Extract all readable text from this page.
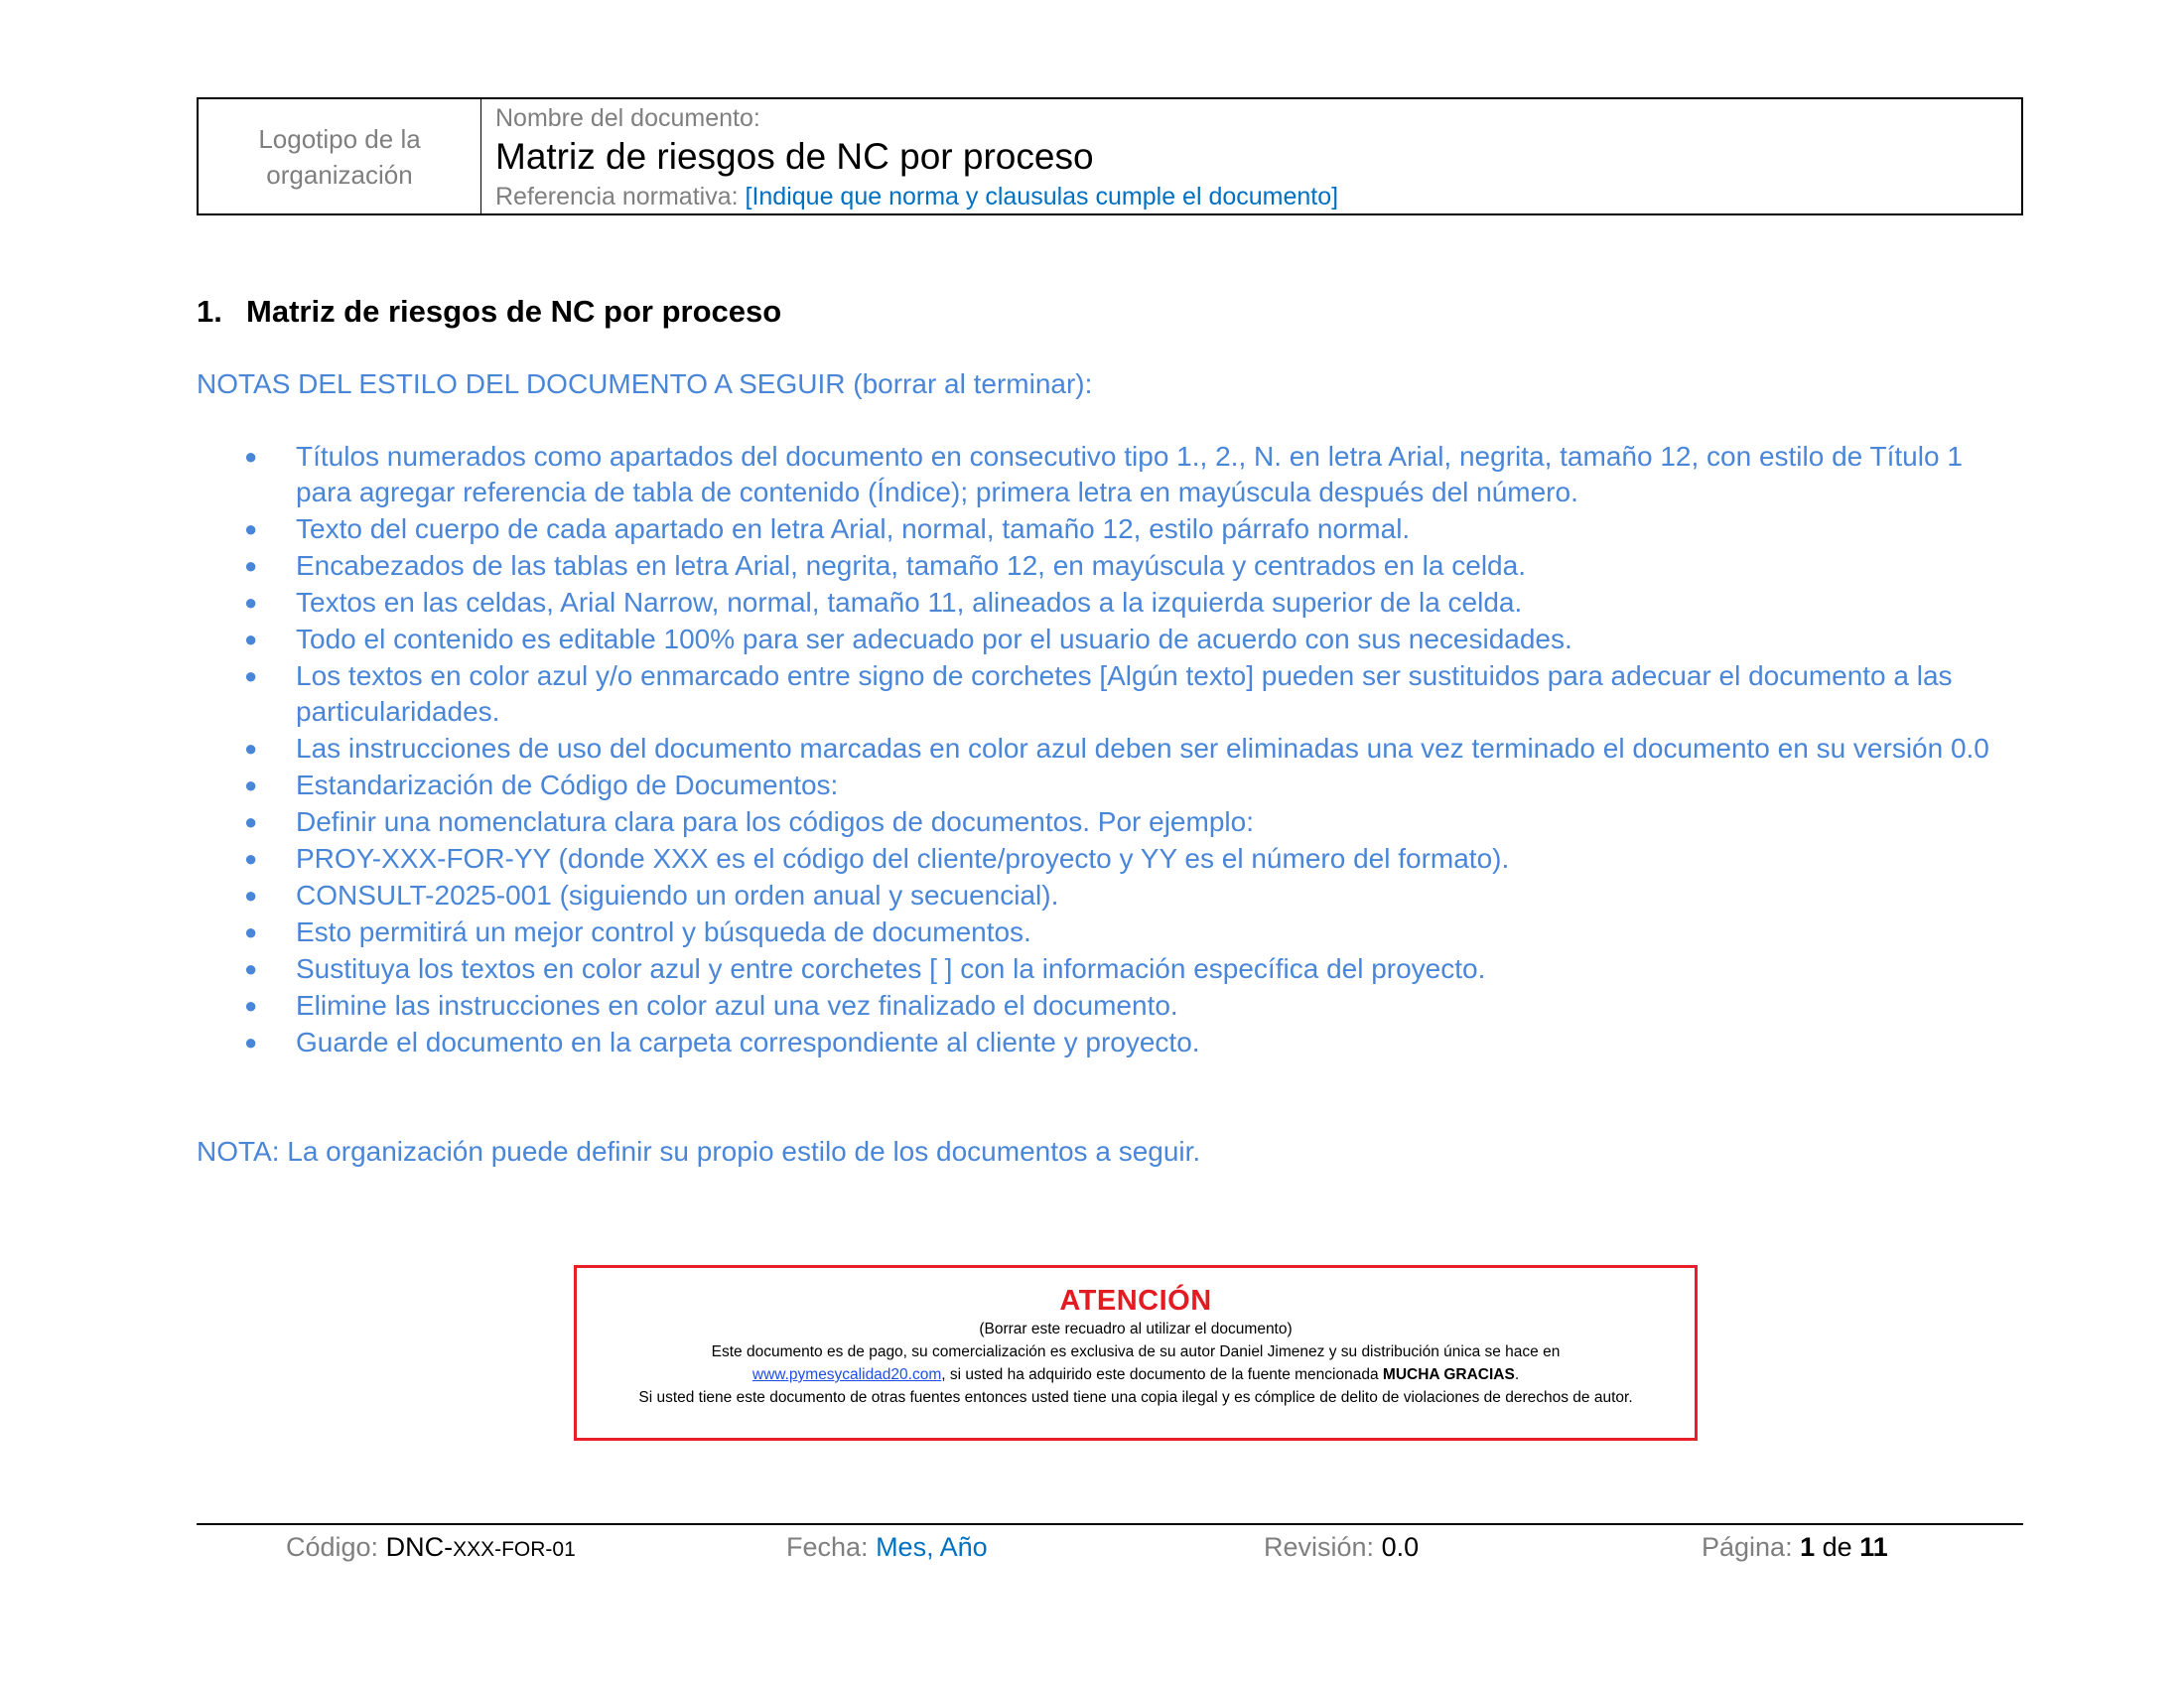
Logotipo de la
organización
Nombre del documento:
Matriz de riesgos de NC por proceso
Referencia normativa: [Indique que norma y clausulas cumple el documento]
1. Matriz de riesgos de NC por proceso
NOTAS DEL ESTILO DEL DOCUMENTO A SEGUIR (borrar al terminar):
● Títulos numerados como apartados del documento en consecutivo tipo 1., 2., N. en letra Arial, negrita, tamaño 12, con estilo de Título 1 para agregar referencia de tabla de contenido (Índice); primera letra en mayúscula después del número.
● Texto del cuerpo de cada apartado en letra Arial, normal, tamaño 12, estilo párrafo normal.
● Encabezados de las tablas en letra Arial, negrita, tamaño 12, en mayúscula y centrados en la celda.
● Textos en las celdas, Arial Narrow, normal, tamaño 11, alineados a la izquierda superior de la celda.
● Todo el contenido es editable 100% para ser adecuado por el usuario de acuerdo con sus necesidades.
● Los textos en color azul y/o enmarcado entre signo de corchetes [Algún texto] pueden ser sustituidos para adecuar el documento a las particularidades.
● Las instrucciones de uso del documento marcadas en color azul deben ser eliminadas una vez terminado el documento en su versión 0.0
● Estandarización de Código de Documentos:
● Definir una nomenclatura clara para los códigos de documentos. Por ejemplo:
● PROY-XXX-FOR-YY (donde XXX es el código del cliente/proyecto y YY es el número del formato).
● CONSULT-2025-001 (siguiendo un orden anual y secuencial).
● Esto permitirá un mejor control y búsqueda de documentos.
● Sustituya los textos en color azul y entre corchetes [ ] con la información específica del proyecto.
● Elimine las instrucciones en color azul una vez finalizado el documento.
● Guarde el documento en la carpeta correspondiente al cliente y proyecto.
NOTA: La organización puede definir su propio estilo de los documentos a seguir.
ATENCIÓN
(Borrar este recuadro al utilizar el documento)
Este documento es de pago, su comercialización es exclusiva de su autor Daniel Jimenez y su distribución única se hace en
www.pymesycalidad20.com, si usted ha adquirido este documento de la fuente mencionada MUCHA GRACIAS.
Si usted tiene este documento de otras fuentes entonces usted tiene una copia ilegal y es cómplice de delito de violaciones de derechos de autor.
Código: DNC-XXX-FOR-01	Fecha: Mes, Año	Revisión: 0.0	Página: 1 de 11
